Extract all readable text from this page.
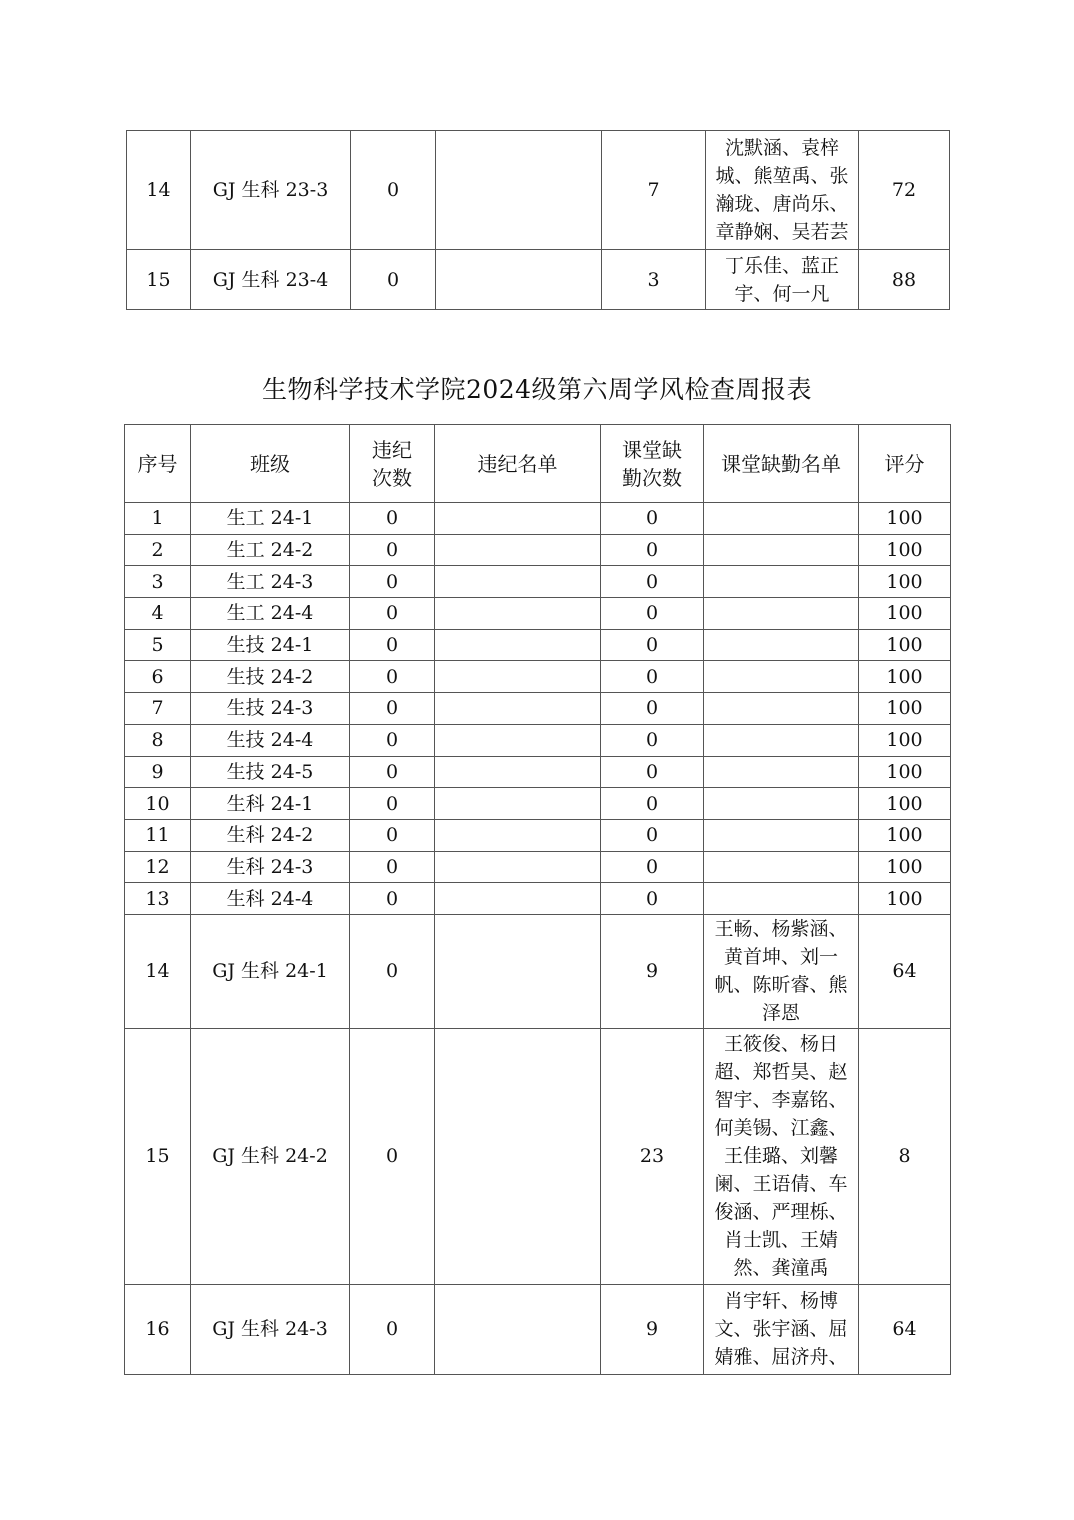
14	GJ 生科 23-3	0		7	沈默涵、袁梓城、熊堃禹、张瀚珑、唐尚乐、章静娴、吴若芸	72
15	GJ 生科 23-4	0		3	丁乐佳、蓝正宇、何一凡	88
生物科学技术学院2024级第六周学风检查周报表
序号	班级	违纪次数	违纪名单	课堂缺勤次数	课堂缺勤名单	评分
1	生工 24-1	0		0		100
2	生工 24-2	0		0		100
3	生工 24-3	0		0		100
4	生工 24-4	0		0		100
5	生技 24-1	0		0		100
6	生技 24-2	0		0		100
7	生技 24-3	0		0		100
8	生技 24-4	0		0		100
9	生技 24-5	0		0		100
10	生科 24-1	0		0		100
11	生科 24-2	0		0		100
12	生科 24-3	0		0		100
13	生科 24-4	0		0		100
14	GJ 生科 24-1	0		9	王畅、杨紫涵、黄首坤、刘一帆、陈昕睿、熊泽恩	64
15	GJ 生科 24-2	0		23	王筱俊、杨日超、郑哲昊、赵智宇、李嘉铭、何美锡、江鑫、王佳璐、刘馨阑、王语倩、车俊涵、严理栎、肖士凯、王婧然、龚潼禹	8
16	GJ 生科 24-3	0		9	肖宇轩、杨博文、张宇涵、屈婧雅、屈济舟、	64
